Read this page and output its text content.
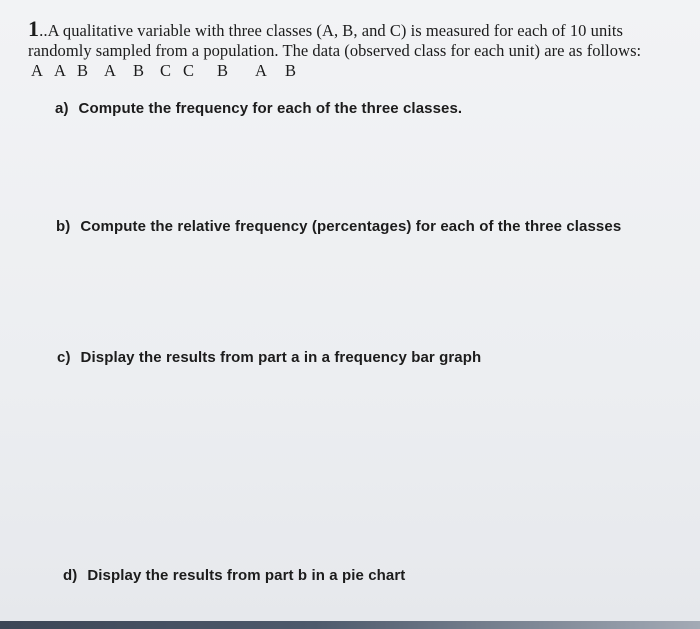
1..A qualitative variable with three classes (A, B, and C) is measured for each of 10 units
randomly sampled from a population. The data (observed class for each unit) are as follows:
A A B A B C C B A B
a) Compute the frequency for each of the three classes.
b) Compute the relative frequency (percentages) for each of the three classes
c) Display the results from part a in a frequency bar graph
d) Display the results from part b in a pie chart
